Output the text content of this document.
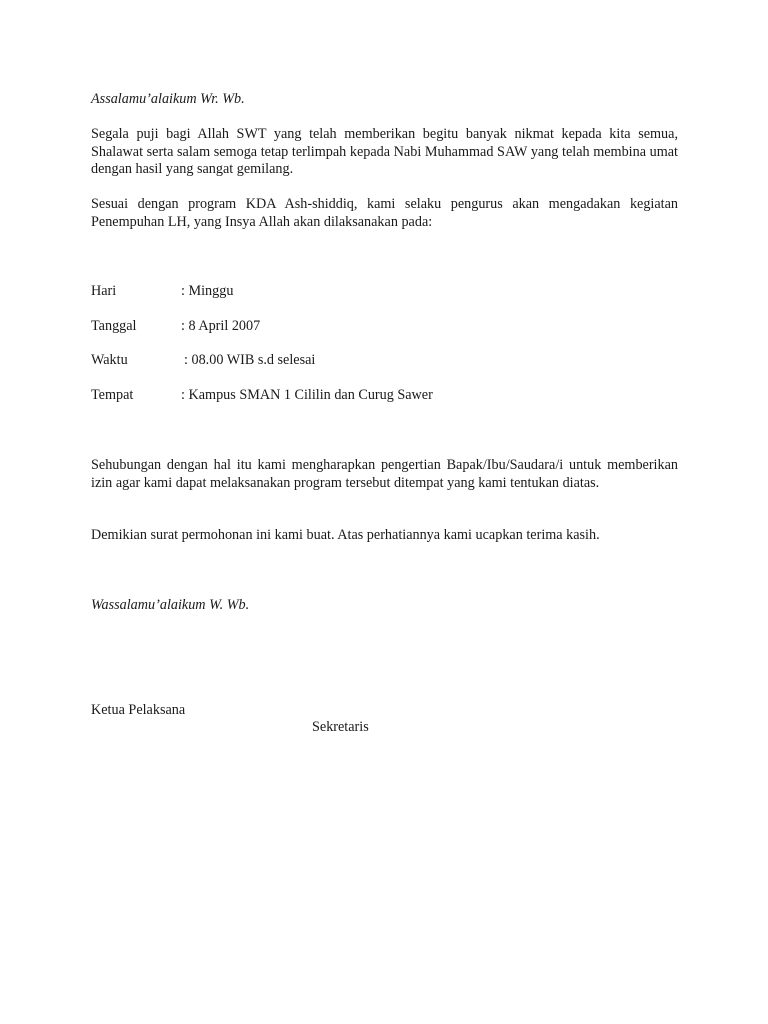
Assalamu’alaikum Wr. Wb.
Segala puji bagi Allah SWT yang telah memberikan begitu banyak nikmat kepada kita semua, Shalawat serta salam semoga tetap terlimpah kepada Nabi Muhammad SAW yang telah membina umat dengan hasil yang sangat gemilang.
Sesuai dengan program KDA Ash-shiddiq, kami selaku pengurus akan mengadakan kegiatan Penempuhan LH, yang Insya Allah akan dilaksanakan pada:
Hari	: Minggu
Tanggal	: 8 April 2007
Waktu	: 08.00 WIB s.d selesai
Tempat	: Kampus SMAN 1 Cililin dan Curug Sawer
Sehubungan dengan hal itu kami mengharapkan pengertian Bapak/Ibu/Saudara/i untuk memberikan izin agar kami dapat melaksanakan program tersebut ditempat yang kami tentukan diatas.
Demikian surat permohonan ini kami buat. Atas perhatiannya kami ucapkan terima kasih.
Wassalamu’alaikum W. Wb.
Ketua Pelaksana
Sekretaris
